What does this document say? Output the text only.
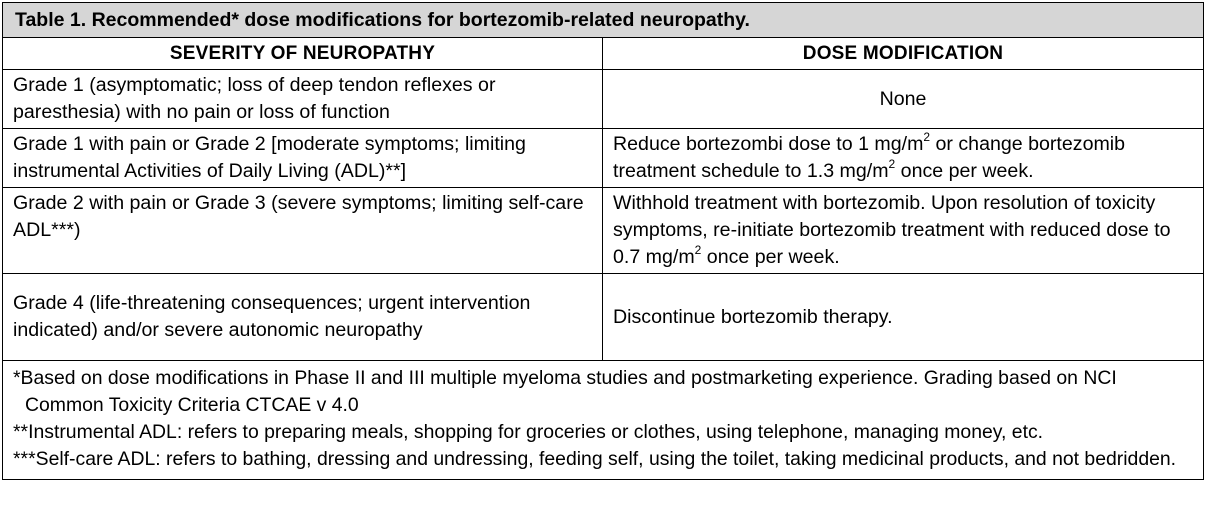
Table 1. Recommended* dose modifications for bortezomib-related neuropathy.	
SEVERITY OF NEUROPATHY	DOSE MODIFICATION
Grade 1 (asymptomatic; loss of deep tendon reflexes or paresthesia) with no pain or loss of function	None
Grade 1 with pain or Grade 2 [moderate symptoms; limiting instrumental Activities of Daily Living (ADL)**]	Reduce bortezombi dose to 1 $mg/m^2$ or change bortezomib treatment schedule to 1.3 $mg/m^2$ once per week.
Grade 2 with pain or Grade 3 (severe symptoms; limiting self-care ADL***)	Withhold treatment with bortezomib. Upon resolution of toxicity symptoms, re-initiate bortezomib treatment with reduced dose to 0.7 $mg/m^2$ once per week.
Grade 4 (life-threatening consequences; urgent intervention indicated) and/or severe autonomic neuropathy	Discontinue bortezomib therapy.

*Based on dose modifications in Phase II and III multiple myeloma studies and postmarketing experience. Grading based on NCI Common Toxicity Criteria CTCAE v 4.0

**Instrumental ADL: refers to preparing meals, shopping for groceries or clothes, using telephone, managing money, etc.

***Self-care ADL: refers to bathing, dressing and undressing, feeding self, using the toilet, taking medicinal products, and not bedridden.	
